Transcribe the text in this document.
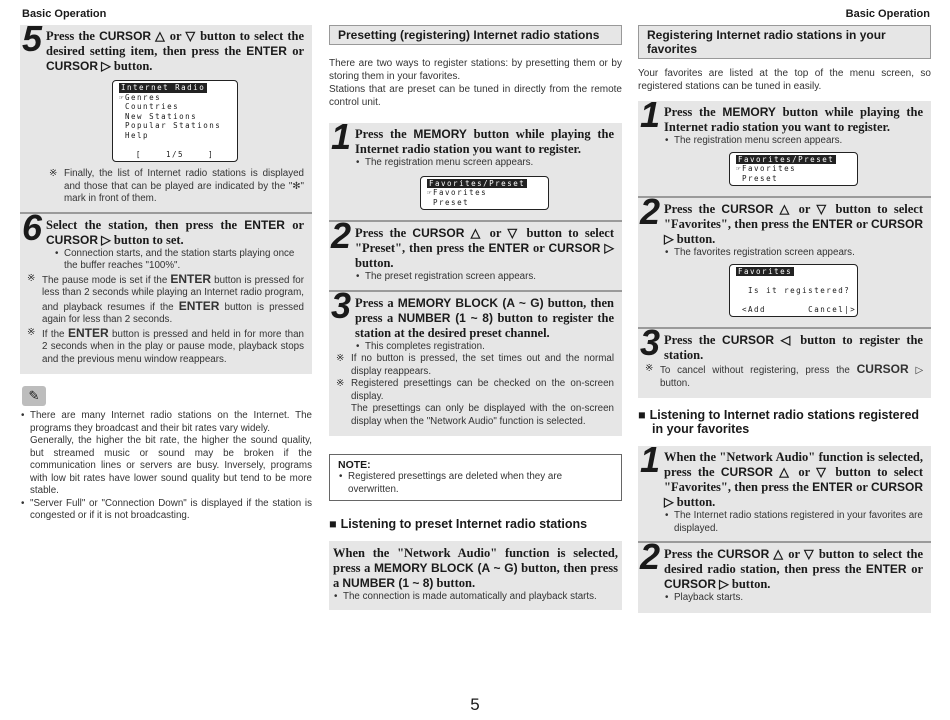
Basic Operation	Basic Operation
5 Press the CURSOR △ or ▽ button to select the desired setting item, then press the ENTER or CURSOR ▷ button.
Internet Radio
☞Genres
Countries
New Stations
Popular Stations
Help
[    1/5    ]
※ Finally, the list of Internet radio stations is displayed and those that can be played are indicated by the "✻" mark in front of them.
6 Select the station, then press the ENTER or CURSOR ▷ button to set.
• Connection starts, and the station starts playing once the buffer reaches "100%".
※ The pause mode is set if the ENTER button is pressed for less than 2 seconds while playing an Internet radio program, and playback resumes if the ENTER button is pressed again for less than 2 seconds.
※ If the ENTER button is pressed and held in for more than 2 seconds when in the play or pause mode, playback stops and the previous menu window reappears.
✎
• There are many Internet radio stations on the Internet. The programs they broadcast and their bit rates vary widely.
Generally, the higher the bit rate, the higher the sound quality, but streamed music or sound may be broken if the communication lines or servers are busy. Inversely, programs with low bit rates have lower sound quality but tend to be more stable.
• "Server Full" or "Connection Down" is displayed if the station is congested or if it is not broadcasting.
Presetting (registering) Internet radio stations

There are two ways to register stations: by presetting them or by storing them in your favorites.
Stations that are preset can be tuned in directly from the remote control unit.

1 Press the MEMORY button while playing the Internet radio station you want to register.
• The registration menu screen appears.
Favorites/Preset
☞Favorites
Preset
2 Press the CURSOR △ or ▽ button to select "Preset", then press the ENTER or CURSOR ▷ button.
• The preset registration screen appears.
3 Press a MEMORY BLOCK (A ~ G) button, then press a NUMBER (1 ~ 8) button to register the station at the desired preset channel.
• This completes registration.
※ If no button is pressed, the set times out and the normal display reappears.
※ Registered presettings can be checked on the on-screen display.
The presettings can only be displayed with the on-screen display when the "Network Audio" function is selected.
NOTE:
• Registered presettings are deleted when they are overwritten.
■ Listening to preset Internet radio stations
When the "Network Audio" function is selected, press a MEMORY BLOCK (A ~ G) button, then press a NUMBER (1 ~ 8) button.
• The connection is made automatically and playback starts.
Registering Internet radio stations in your favorites

Your favorites are listed at the top of the menu screen, so registered stations can be tuned in easily.

1 Press the MEMORY button while playing the Internet radio station you want to register.
• The registration menu screen appears.
Favorites/Preset
☞Favorites
Preset
2 Press the CURSOR △ or ▽ button to select "Favorites", then press the ENTER or CURSOR ▷ button.
• The favorites registration screen appears.
Favorites
Is it registered?
<Add       Cancel|>
3 Press the CURSOR ◁ button to register the station.
※ To cancel without registering, press the CURSOR ▷ button.
■ Listening to Internet radio stations registered in your favorites
1 When the "Network Audio" function is selected, press the CURSOR △ or ▽ button to select "Favorites", then press the ENTER or CURSOR ▷ button.
• The Internet radio stations registered in your favorites are displayed.
2 Press the CURSOR △ or ▽ button to select the desired radio station, then press the ENTER or CURSOR ▷ button.
• Playback starts.
5
